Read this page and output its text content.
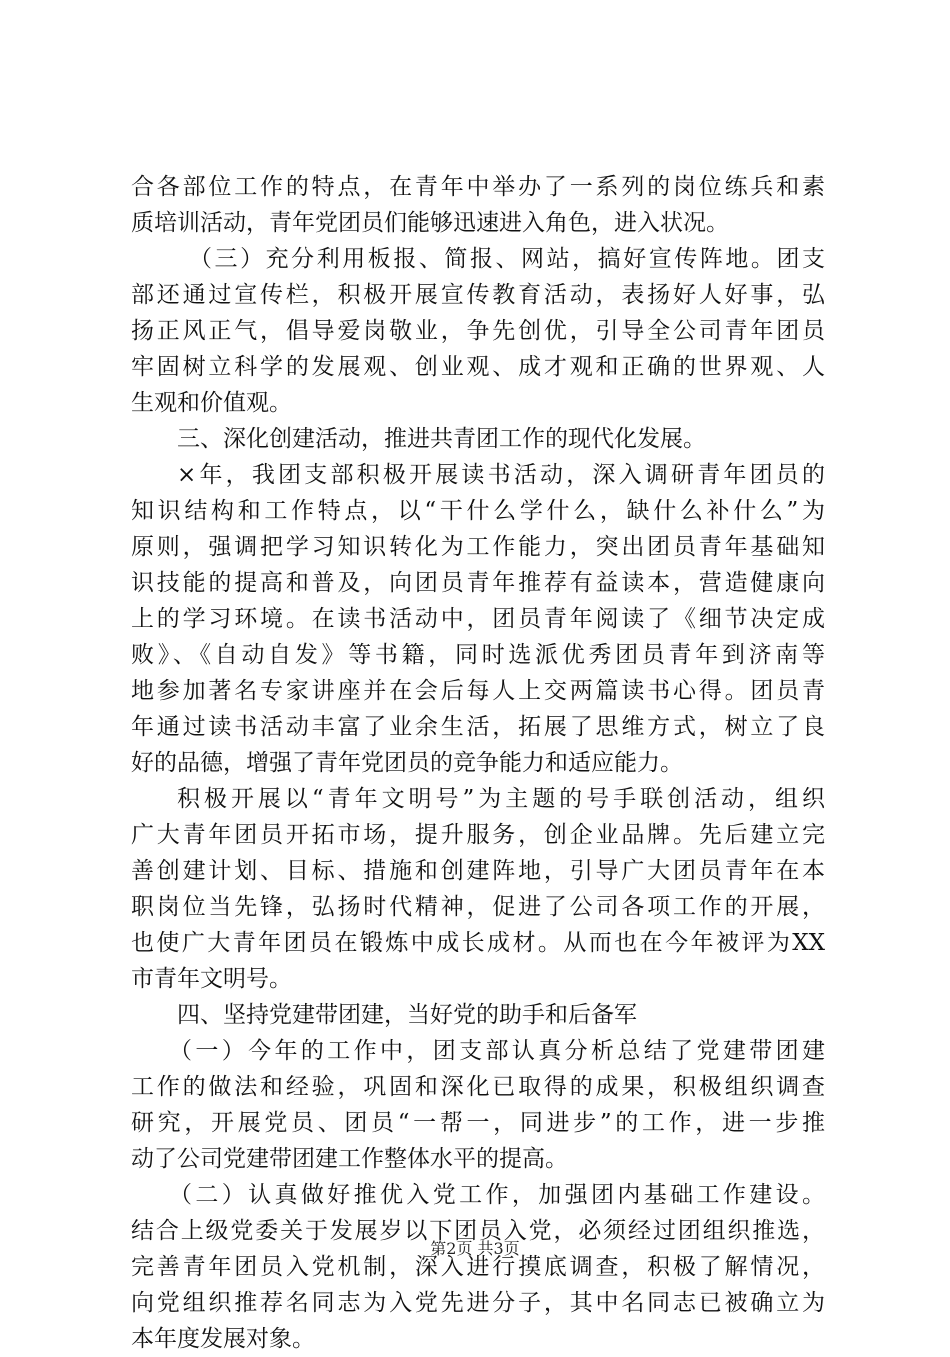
合各部位工作的特点，在青年中举办了一系列的岗位练兵和素
质培训活动，青年党团员们能够迅速进入角色，进入状况。
（三）充分利用板报、简报、网站，搞好宣传阵地。团支
部还通过宣传栏，积极开展宣传教育活动，表扬好人好事，弘
扬正风正气，倡导爱岗敬业，争先创优，引导全公司青年团员
牢固树立科学的发展观、创业观、成才观和正确的世界观、人
生观和价值观。
三、深化创建活动，推进共青团工作的现代化发展。
×年，我团支部积极开展读书活动，深入调研青年团员的
知识结构和工作特点，以“干什么学什么，缺什么补什么”为
原则，强调把学习知识转化为工作能力，突出团员青年基础知
识技能的提高和普及，向团员青年推荐有益读本，营造健康向
上的学习环境。在读书活动中，团员青年阅读了《细节决定成
败》、《自动自发》等书籍，同时选派优秀团员青年到济南等
地参加著名专家讲座并在会后每人上交两篇读书心得。团员青
年通过读书活动丰富了业余生活，拓展了思维方式，树立了良
好的品德，增强了青年党团员的竞争能力和适应能力。
积极开展以“青年文明号”为主题的号手联创活动，组织
广大青年团员开拓市场，提升服务，创企业品牌。先后建立完
善创建计划、目标、措施和创建阵地，引导广大团员青年在本
职岗位当先锋，弘扬时代精神，促进了公司各项工作的开展，
也使广大青年团员在锻炼中成长成材。从而也在今年被评为XX
市青年文明号。
四、坚持党建带团建，当好党的助手和后备军
（一）今年的工作中，团支部认真分析总结了党建带团建
工作的做法和经验，巩固和深化已取得的成果，积极组织调查
研究，开展党员、团员“一帮一，同进步”的工作，进一步推
动了公司党建带团建工作整体水平的提高。
（二）认真做好推优入党工作，加强团内基础工作建设。
结合上级党委关于发展岁以下团员入党，必须经过团组织推选，
完善青年团员入党机制，深入进行摸底调查，积极了解情况，
向党组织推荐名同志为入党先进分子，其中名同志已被确立为
本年度发展对象。
第2页 共3页
